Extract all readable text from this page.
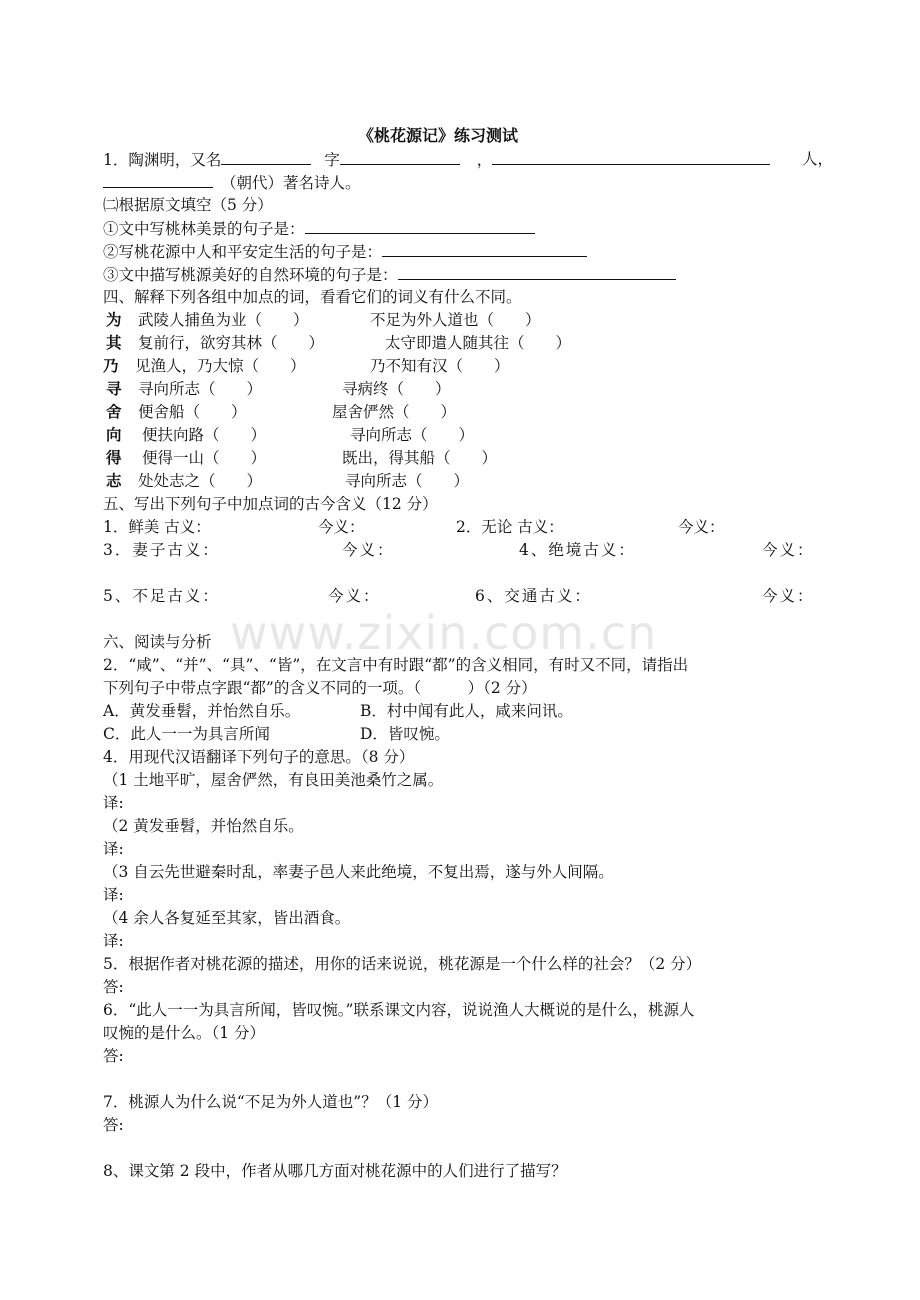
《桃花源记》练习测试
1．陶渊明，又名	字	，	人，
（朝代）著名诗人。
㈡根据原文填空（5 分）
①文中写桃林美景的句子是：
②写桃花源中人和平安定生活的句子是：
③文中描写桃源美好的自然环境的句子是：
四、解释下列各组中加点的词，看看它们的词义有什么不同。
为 武陵人捕鱼为业（　　）	不足为外人道也（　　）
其 复前行，欲穷其林（　　）	太守即遣人随其往（　　）
乃 见渔人，乃大惊（　　）	乃不知有汉（　　）
寻 寻向所志（　　）	寻病终（　　）
舍 便舍船（　　）	屋舍俨然（　　）
向 便扶向路（　　）	寻向所志（　　）
得 便得一山（　　）	既出，得其船（　　）
志 处处志之（　　）	寻向所志（　　）
五、写出下列句子中加点词的古今含义（12 分）
1．鲜美 古义：	今义：	2．无论 古义：	今义：
3．妻子古义：	今义：	4、绝境古义：	今义：
5、不足古义：	今义：	6、交通古义：	今义：
www.zixin.com.cn
六、阅读与分析
2．“咸”、“并”、“具”、“皆”，在文言中有时跟“都”的含义相同，有时又不同，请指出
下列句子中带点字跟“都”的含义不同的一项。（　　　）（2 分）
A．黄发垂髫，并怡然自乐。	B．村中闻有此人，咸来问讯。
C．此人一一为具言所闻	D．皆叹惋。
4．用现代汉语翻译下列句子的意思。（8 分）
（1 土地平旷，屋舍俨然，有良田美池桑竹之属。
译:
（2 黄发垂髫，并怡然自乐。
译:
（3 自云先世避秦时乱，率妻子邑人来此绝境，不复出焉，遂与外人间隔。
译:
（4 余人各复延至其家，皆出酒食。
译:
5．根据作者对桃花源的描述，用你的话来说说，桃花源是一个什么样的社会？（2 分）
答:
6．“此人一一为具言所闻，皆叹惋。”联系课文内容，说说渔人大概说的是什么，桃源人
叹惋的是什么。（1 分）
答:
7．桃源人为什么说“不足为外人道也”？（1 分）
答:
8、课文第 2 段中，作者从哪几方面对桃花源中的人们进行了描写？
